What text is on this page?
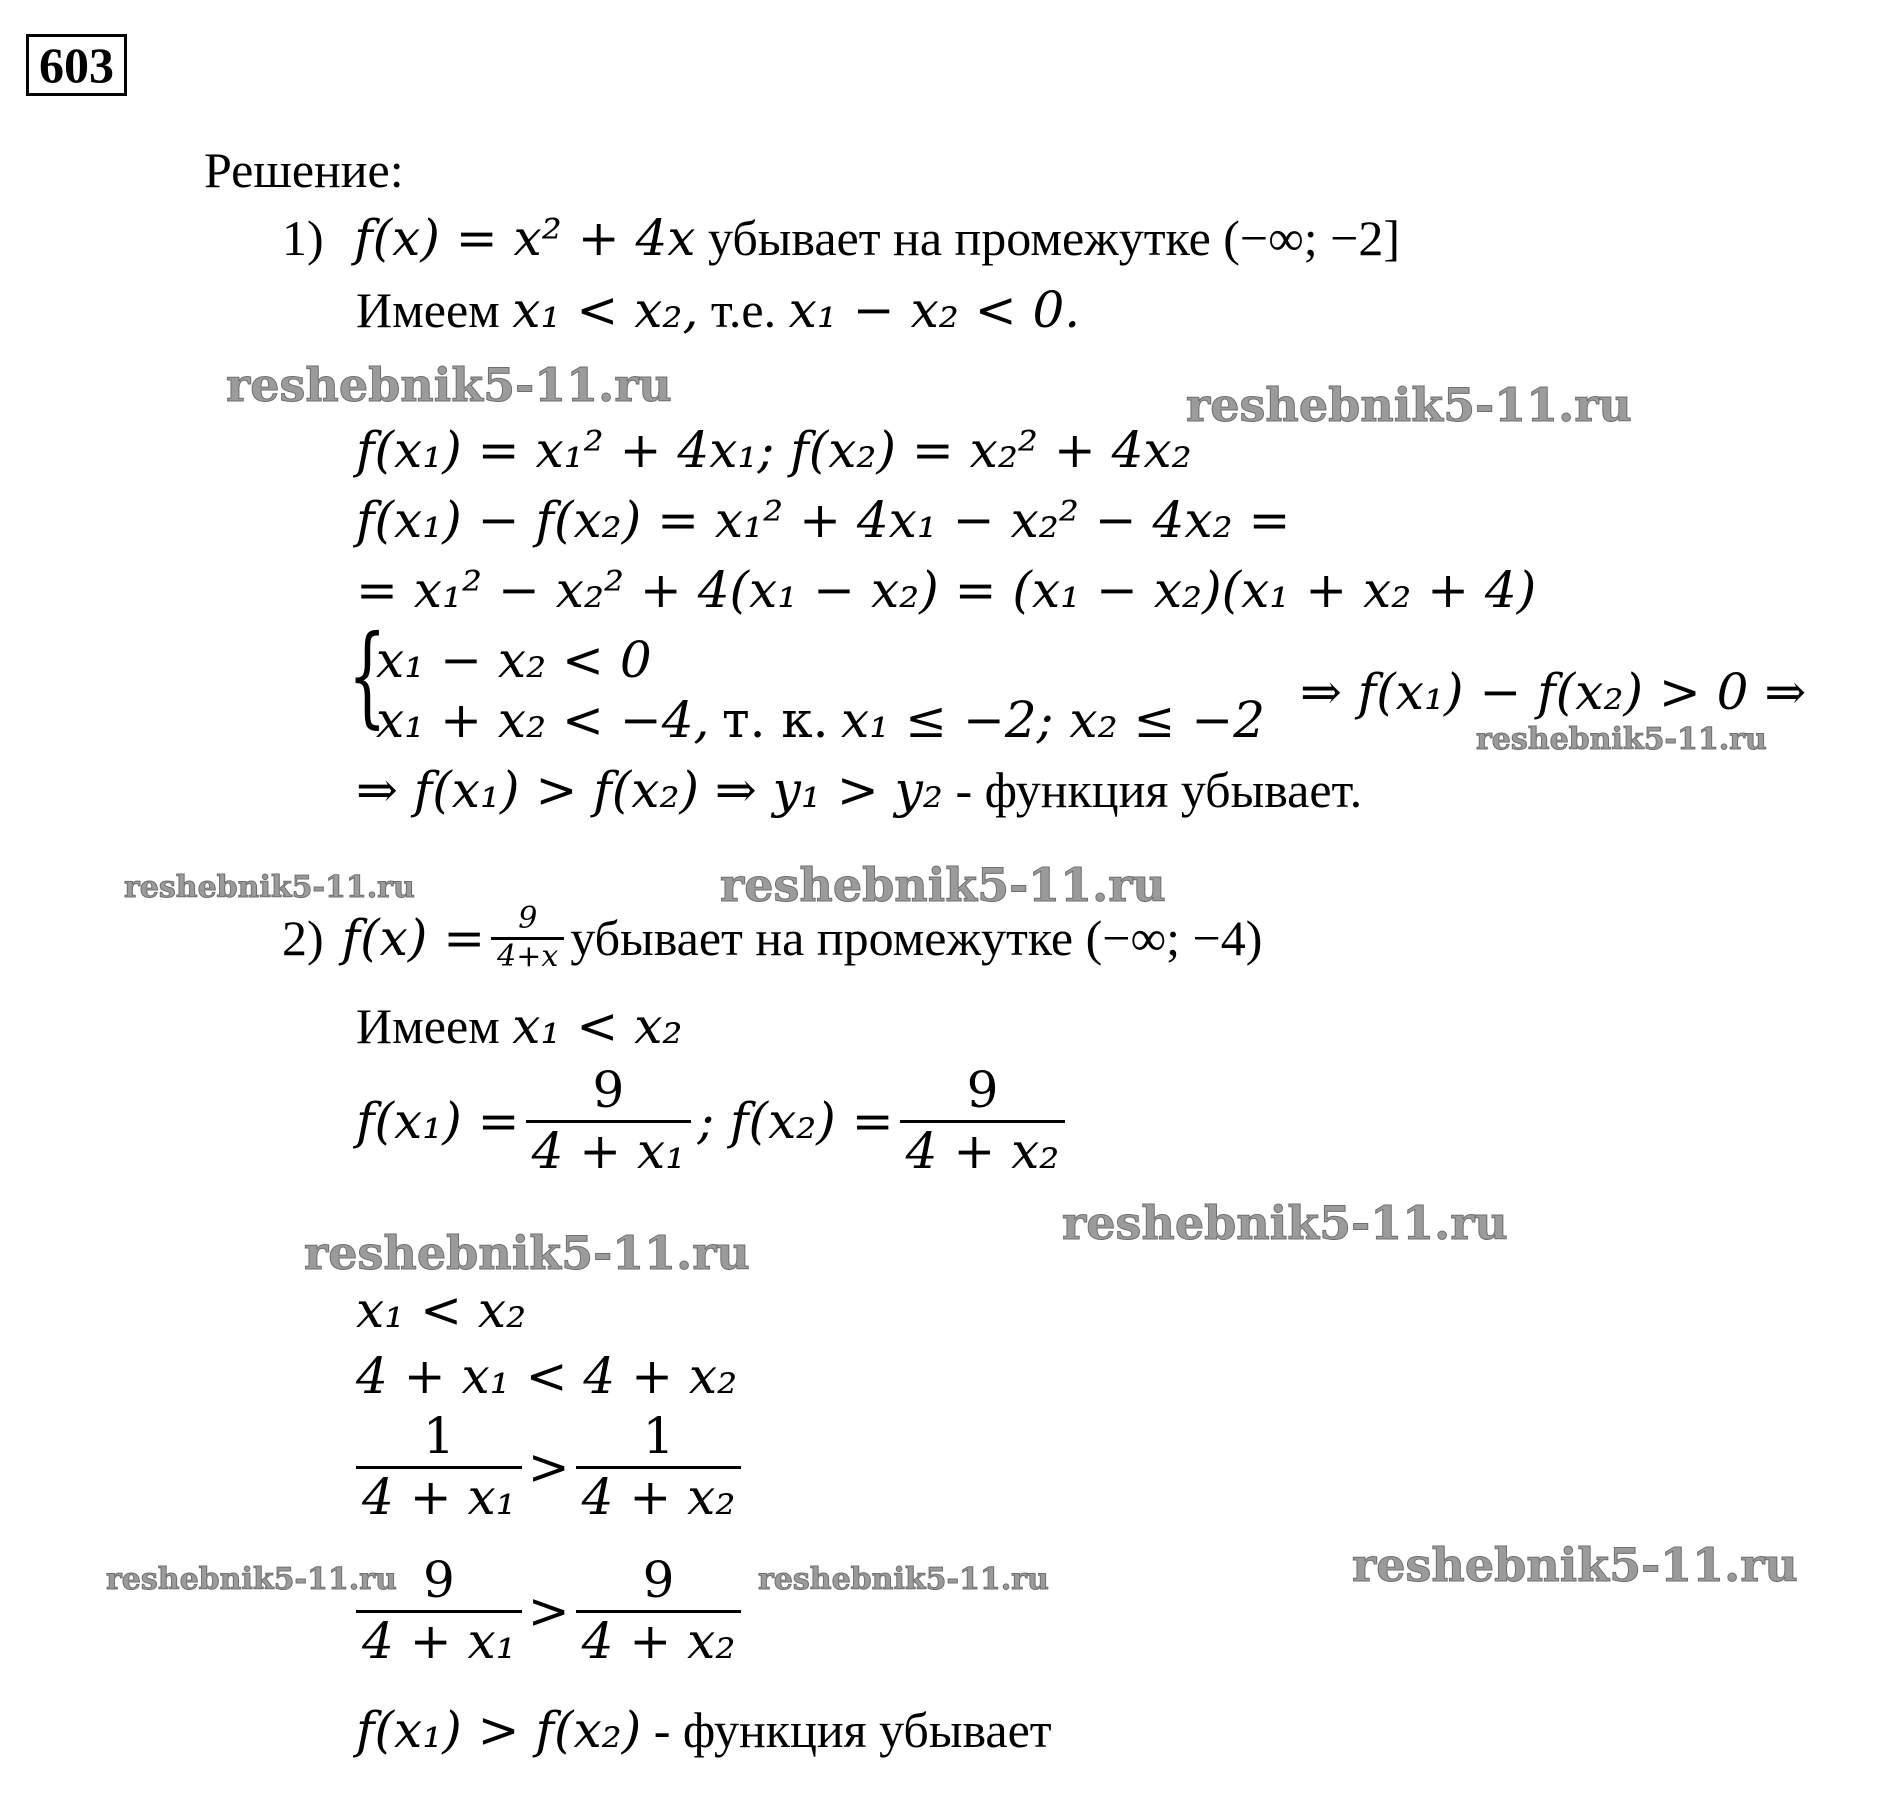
603
Решение:
1) f(x) = x² + 4x убывает на промежутке (−∞; −2]
Имеем x₁ < x₂, т.е. x₁ − x₂ < 0.
f(x₁) = x₁² + 4x₁; f(x₂) = x₂² + 4x₂
f(x₁) − f(x₂) = x₁² + 4x₁ − x₂² − 4x₂ =
= x₁² − x₂² + 4(x₁ − x₂) = (x₁ − x₂)(x₁ + x₂ + 4)
{
x₁ − x₂ < 0
x₁ + x₂ < −4, т. к. x₁ ≤ −2; x₂ ≤ −2 ⇒ f(x₁) − f(x₂) > 0 ⇒
⇒ f(x₁) > f(x₂) ⇒ y₁ > y₂ - функция убывает.
2) $f(x) = \frac{9}{4+x}$ убывает на промежутке (−∞; −4)
Имеем x₁ < x₂
$f(x_1) = \frac{9}{\text{4 + x₁}}$ ; $f(x_2) = \frac{9}{\text{4 + x₂}}$
x₁ < x₂
4 + x₁ < 4 + x₂
$\frac{1}{\text{4 + x₁}} > \frac{1}{\text{4 + x₂}}$
$\frac{9}{\text{4 + x₁}} > \frac{9}{\text{4 + x₂}}$
f(x₁) > f(x₂) - функция убывает
reshebnik5-11.ru	reshebnik5-11.ru
reshebnik5-11.ru
reshebnik5-11.ru	reshebnik5-11.ru
reshebnik5-11.ru
reshebnik5-11.ru
reshebnik5-11.ru
reshebnik5-11.ru	reshebnik5-11.ru
